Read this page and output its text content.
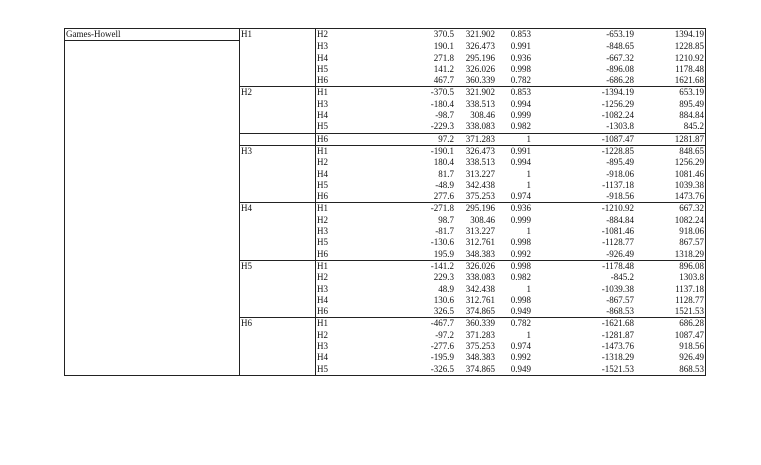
Games-Howell	H1	H2	370.5	321.902	0.853	-653.19	1394.19
		H3	190.1	326.473	0.991	-848.65	1228.85
		H4	271.8	295.196	0.936	-667.32	1210.92
		H5	141.2	326.026	0.998	-896.08	1178.48
		H6	467.7	360.339	0.782	-686.28	1621.68
	H2	H1	-370.5	321.902	0.853	-1394.19	653.19
		H3	-180.4	338.513	0.994	-1256.29	895.49
		H4	-98.7	308.46	0.999	-1082.24	884.84
		H5	-229.3	338.083	0.982	-1303.8	845.2
		H6	97.2	371.283	1	-1087.47	1281.87
	H3	H1	-190.1	326.473	0.991	-1228.85	848.65
		H2	180.4	338.513	0.994	-895.49	1256.29
		H4	81.7	313.227	1	-918.06	1081.46
		H5	-48.9	342.438	1	-1137.18	1039.38
		H6	277.6	375.253	0.974	-918.56	1473.76
	H4	H1	-271.8	295.196	0.936	-1210.92	667.32
		H2	98.7	308.46	0.999	-884.84	1082.24
		H3	-81.7	313.227	1	-1081.46	918.06
		H5	-130.6	312.761	0.998	-1128.77	867.57
		H6	195.9	348.383	0.992	-926.49	1318.29
	H5	H1	-141.2	326.026	0.998	-1178.48	896.08
		H2	229.3	338.083	0.982	-845.2	1303.8
		H3	48.9	342.438	1	-1039.38	1137.18
		H4	130.6	312.761	0.998	-867.57	1128.77
		H6	326.5	374.865	0.949	-868.53	1521.53
	H6	H1	-467.7	360.339	0.782	-1621.68	686.28
		H2	-97.2	371.283	1	-1281.87	1087.47
		H3	-277.6	375.253	0.974	-1473.76	918.56
		H4	-195.9	348.383	0.992	-1318.29	926.49
		H5	-326.5	374.865	0.949	-1521.53	868.53
